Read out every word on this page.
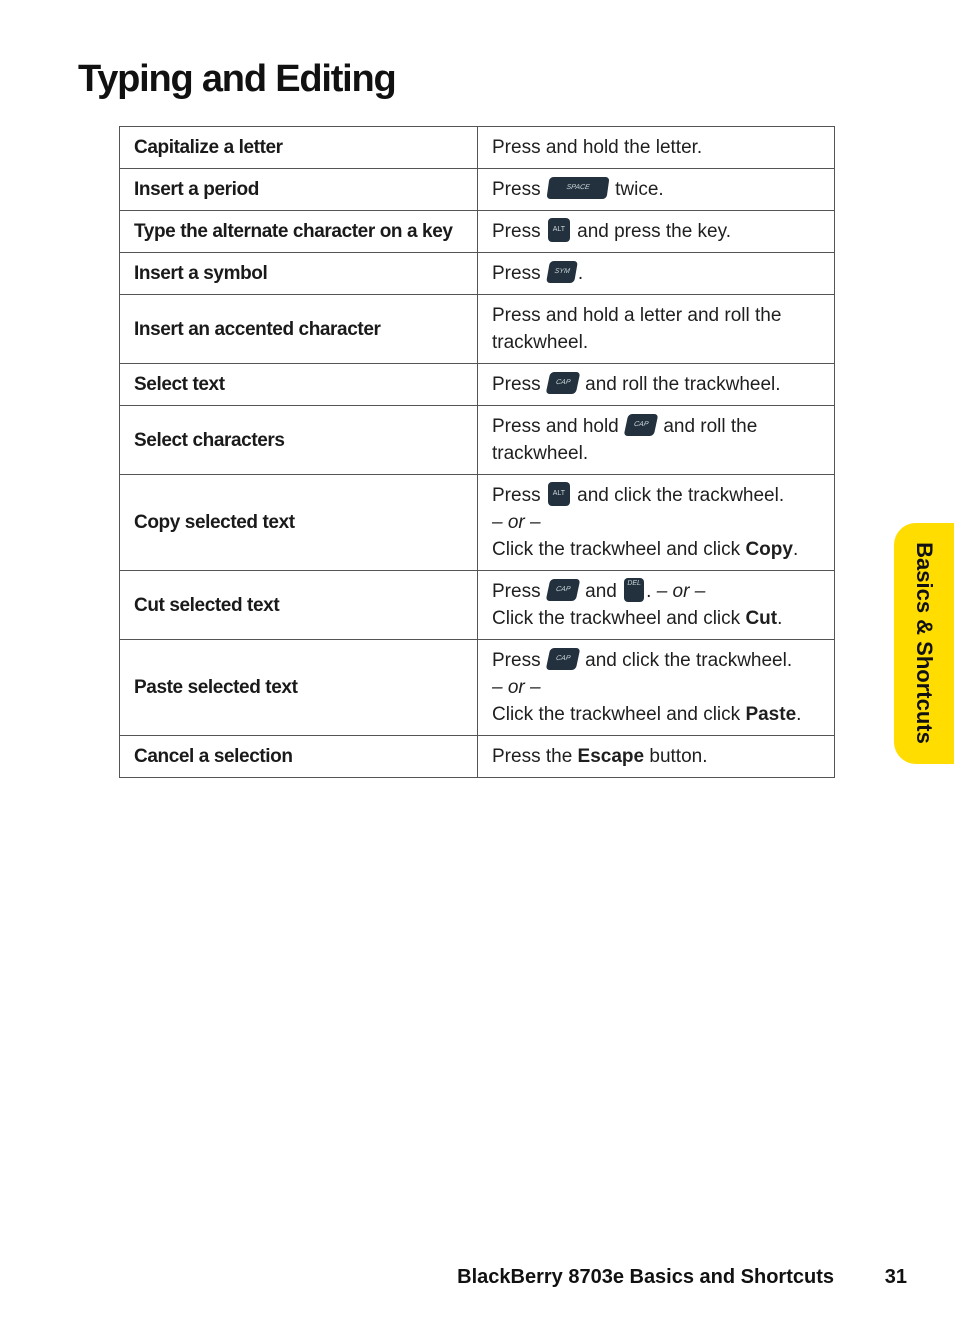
Typing and Editing
Capitalize a letter	Press and hold the letter.
Insert a period	Press SPACE twice.
Type the alternate character on a key	Press ALT and press the key.
Insert a symbol	Press SYM .
Insert an accented character	Press and hold a letter and roll the trackwheel.
Select text	Press CAP and roll the trackwheel.
Select characters	Press and hold CAP and roll the trackwheel.
Copy selected text	Press ALT and click the trackwheel.
– or –
Click the trackwheel and click Copy.
Cut selected text	Press CAP and DEL . – or –
Click the trackwheel and click Cut.
Paste selected text	Press CAP and click the trackwheel.
– or –
Click the trackwheel and click Paste.
Cancel a selection	Press the Escape button.
Basics & Shortcuts
BlackBerry 8703e Basics and Shortcuts	31
